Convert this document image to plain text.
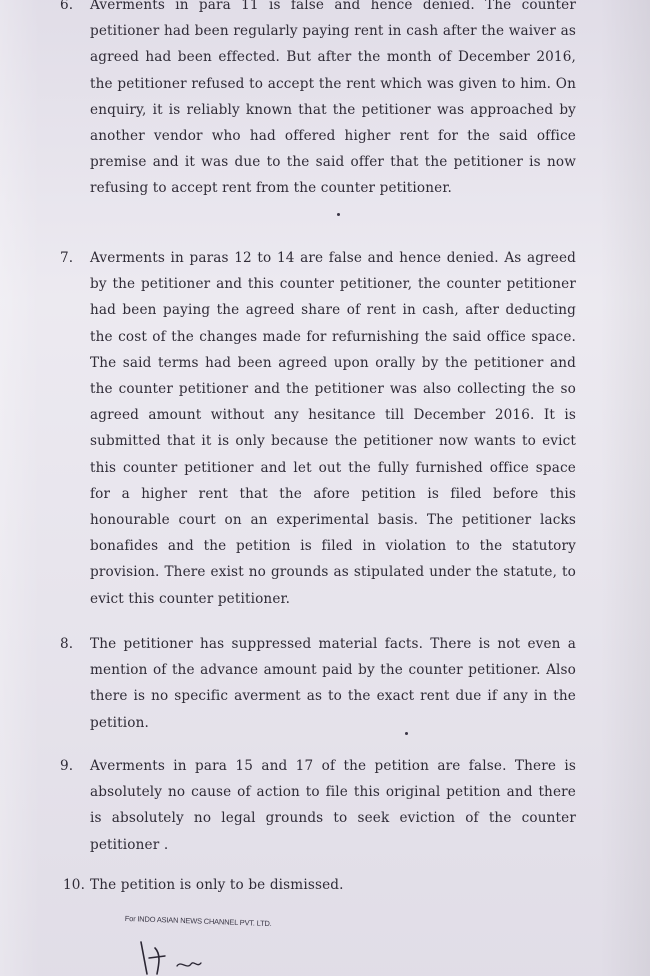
6. Averments in para 11 is false and hence denied. The counter petitioner had been regularly paying rent in cash after the waiver as agreed had been effected. But after the month of December 2016, the petitioner refused to accept the rent which was given to him. On enquiry, it is reliably known that the petitioner was approached by another vendor who had offered higher rent for the said office premise and it was due to the said offer that the petitioner is now refusing to accept rent from the counter petitioner.
7. Averments in paras 12 to 14 are false and hence denied. As agreed by the petitioner and this counter petitioner, the counter petitioner had been paying the agreed share of rent in cash, after deducting the cost of the changes made for refurnishing the said office space. The said terms had been agreed upon orally by the petitioner and the counter petitioner and the petitioner was also collecting the so agreed amount without any hesitance till December 2016. It is submitted that it is only because the petitioner now wants to evict this counter petitioner and let out the fully furnished office space for a higher rent that the afore petition is filed before this honourable court on an experimental basis. The petitioner lacks bonafides and the petition is filed in violation to the statutory provision. There exist no grounds as stipulated under the statute, to evict this counter petitioner.
8. The petitioner has suppressed material facts. There is not even a mention of the advance amount paid by the counter petitioner. Also there is no specific averment as to the exact rent due if any in the petition.
9. Averments in para 15 and 17 of the petition are false. There is absolutely no cause of action to file this original petition and there is absolutely no legal grounds to seek eviction of the counter petitioner .
10. The petition is only to be dismissed.
For INDO ASIAN NEWS CHANNEL PVT. LTD.
